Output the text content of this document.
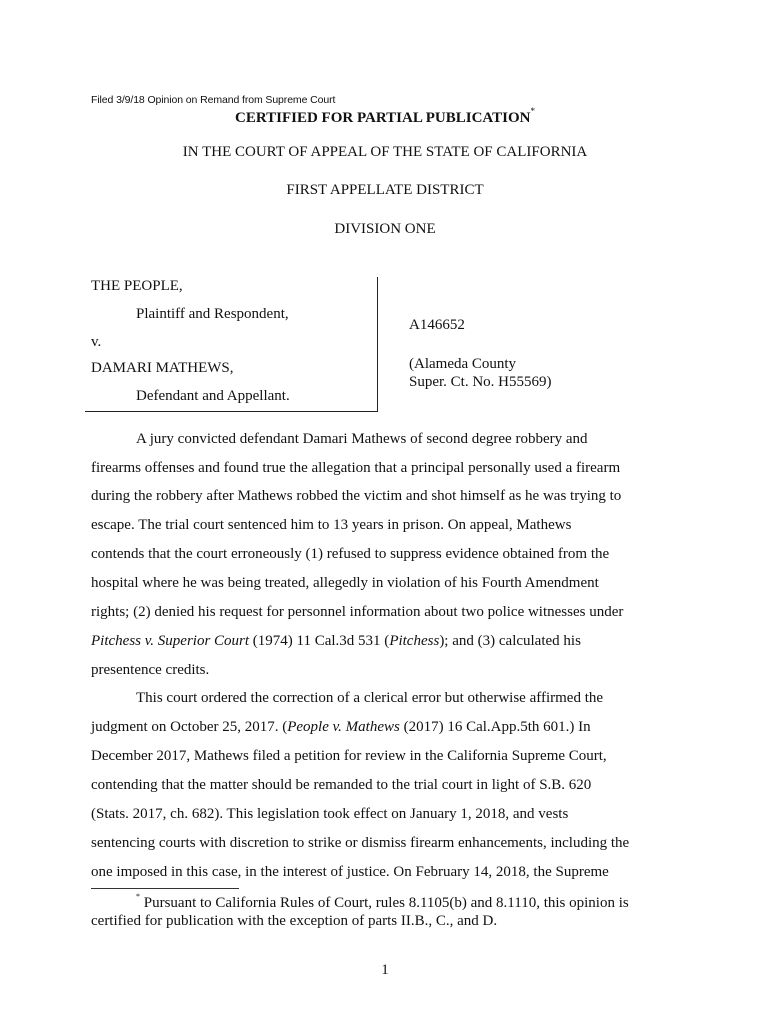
Filed 3/9/18 Opinion on Remand from Supreme Court
CERTIFIED FOR PARTIAL PUBLICATION*
IN THE COURT OF APPEAL OF THE STATE OF CALIFORNIA
FIRST APPELLATE DISTRICT
DIVISION ONE
THE PEOPLE,
Plaintiff and Respondent,
v.
DAMARI MATHEWS,
Defendant and Appellant.
A146652
(Alameda County
Super. Ct. No. H55569)
A jury convicted defendant Damari Mathews of second degree robbery and
firearms offenses and found true the allegation that a principal personally used a firearm
during the robbery after Mathews robbed the victim and shot himself as he was trying to
escape. The trial court sentenced him to 13 years in prison. On appeal, Mathews
contends that the court erroneously (1) refused to suppress evidence obtained from the
hospital where he was being treated, allegedly in violation of his Fourth Amendment
rights; (2) denied his request for personnel information about two police witnesses under
Pitchess v. Superior Court (1974) 11 Cal.3d 531 (Pitchess); and (3) calculated his
presentence credits.
This court ordered the correction of a clerical error but otherwise affirmed the
judgment on October 25, 2017. (People v. Mathews (2017) 16 Cal.App.5th 601.) In
December 2017, Mathews filed a petition for review in the California Supreme Court,
contending that the matter should be remanded to the trial court in light of S.B. 620
(Stats. 2017, ch. 682). This legislation took effect on January 1, 2018, and vests
sentencing courts with discretion to strike or dismiss firearm enhancements, including the
one imposed in this case, in the interest of justice. On February 14, 2018, the Supreme
* Pursuant to California Rules of Court, rules 8.1105(b) and 8.1110, this opinion is
certified for publication with the exception of parts II.B., C., and D.
1
